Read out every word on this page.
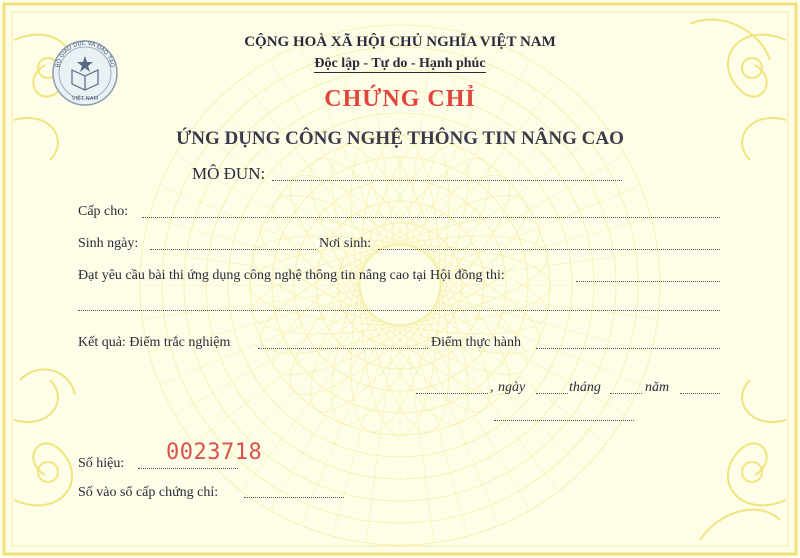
BỘ GIÁO DỤC VÀ ĐÀO TẠO
VIỆT NAM
CỘNG HOÀ XÃ HỘI CHỦ NGHĨA VIỆT NAM
Độc lập - Tự do - Hạnh phúc
CHỨNG CHỈ
ỨNG DỤNG CÔNG NGHỆ THÔNG TIN NÂNG CAO
MÔ ĐUN:
Cấp cho:
Sinh ngày:	Nơi sinh:
Đạt yêu cầu bài thi ứng dụng công nghệ thông tin nâng cao tại Hội đồng thi:
Kết quả: Điểm trắc nghiệm	Điểm thực hành
, ngày	tháng	năm
Số hiệu: 0023718
Số vào sổ cấp chứng chỉ:
